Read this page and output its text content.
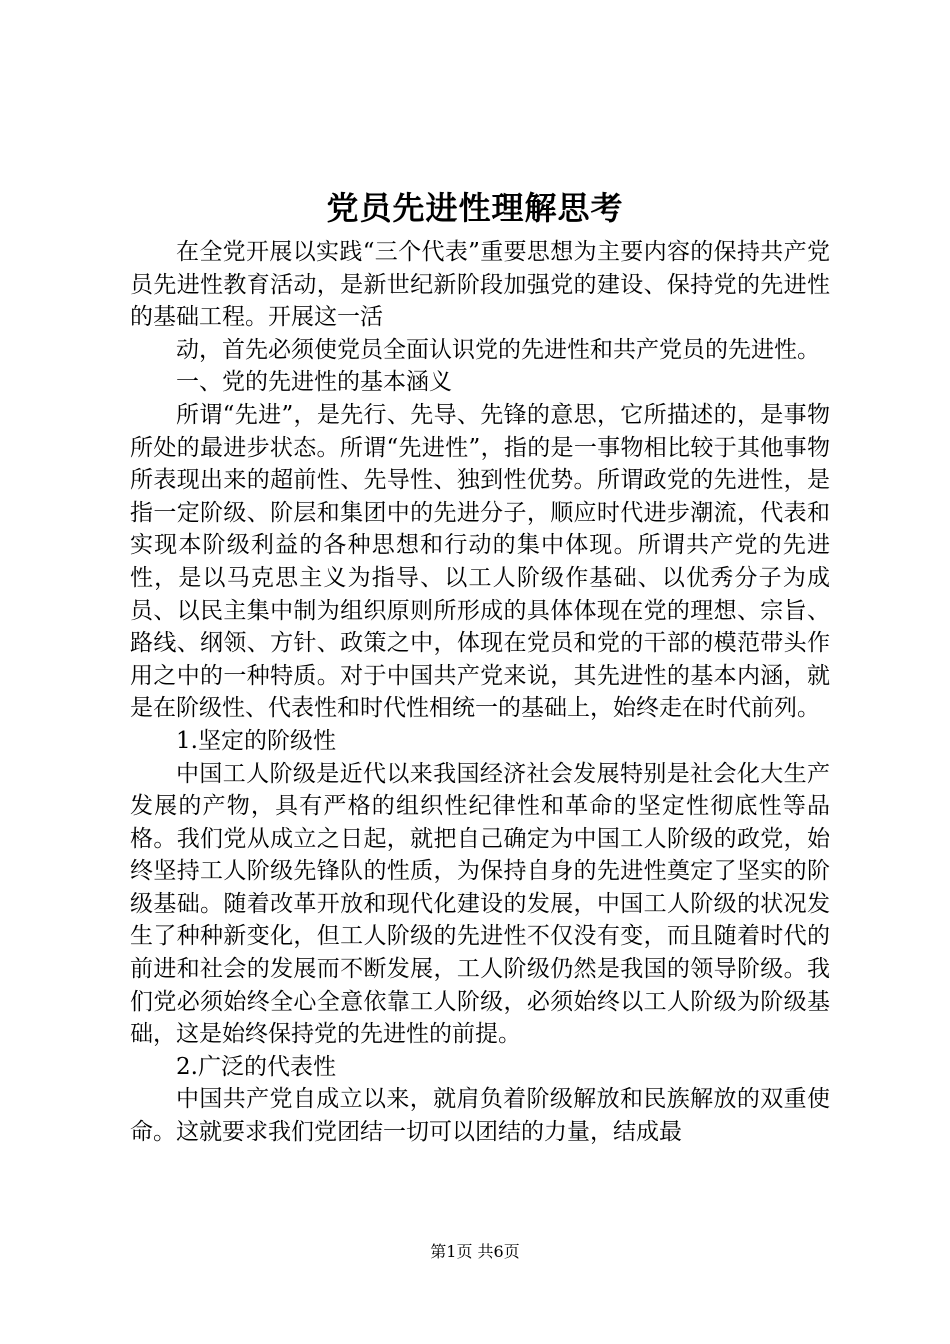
党员先进性理解思考

在全党开展以实践“三个代表”重要思想为主要内容的保持共产党员先进性教育活动，是新世纪新阶段加强党的建设、保持党的先进性的基础工程。开展这一活

动，首先必须使党员全面认识党的先进性和共产党员的先进性。

一、党的先进性的基本涵义

所谓“先进”，是先行、先导、先锋的意思，它所描述的，是事物所处的最进步状态。所谓“先进性”，指的是一事物相比较于其他事物所表现出来的超前性、先导性、独到性优势。所谓政党的先进性，是指一定阶级、阶层和集团中的先进分子，顺应时代进步潮流，代表和实现本阶级利益的各种思想和行动的集中体现。所谓共产党的先进性，是以马克思主义为指导、以工人阶级作基础、以优秀分子为成员、以民主集中制为组织原则所形成的具体体现在党的理想、宗旨、路线、纲领、方针、政策之中，体现在党员和党的干部的模范带头作用之中的一种特质。对于中国共产党来说，其先进性的基本内涵，就是在阶级性、代表性和时代性相统一的基础上，始终走在时代前列。

1.坚定的阶级性

中国工人阶级是近代以来我国经济社会发展特别是社会化大生产发展的产物，具有严格的组织性纪律性和革命的坚定性彻底性等品格。我们党从成立之日起，就把自己确定为中国工人阶级的政党，始终坚持工人阶级先锋队的性质，为保持自身的先进性奠定了坚实的阶级基础。随着改革开放和现代化建设的发展，中国工人阶级的状况发生了种种新变化，但工人阶级的先进性不仅没有变，而且随着时代的前进和社会的发展而不断发展，工人阶级仍然是我国的领导阶级。我们党必须始终全心全意依靠工人阶级，必须始终以工人阶级为阶级基础，这是始终保持党的先进性的前提。

2.广泛的代表性

中国共产党自成立以来，就肩负着阶级解放和民族解放的双重使命。这就要求我们党团结一切可以团结的力量，结成最

第1页 共6页
